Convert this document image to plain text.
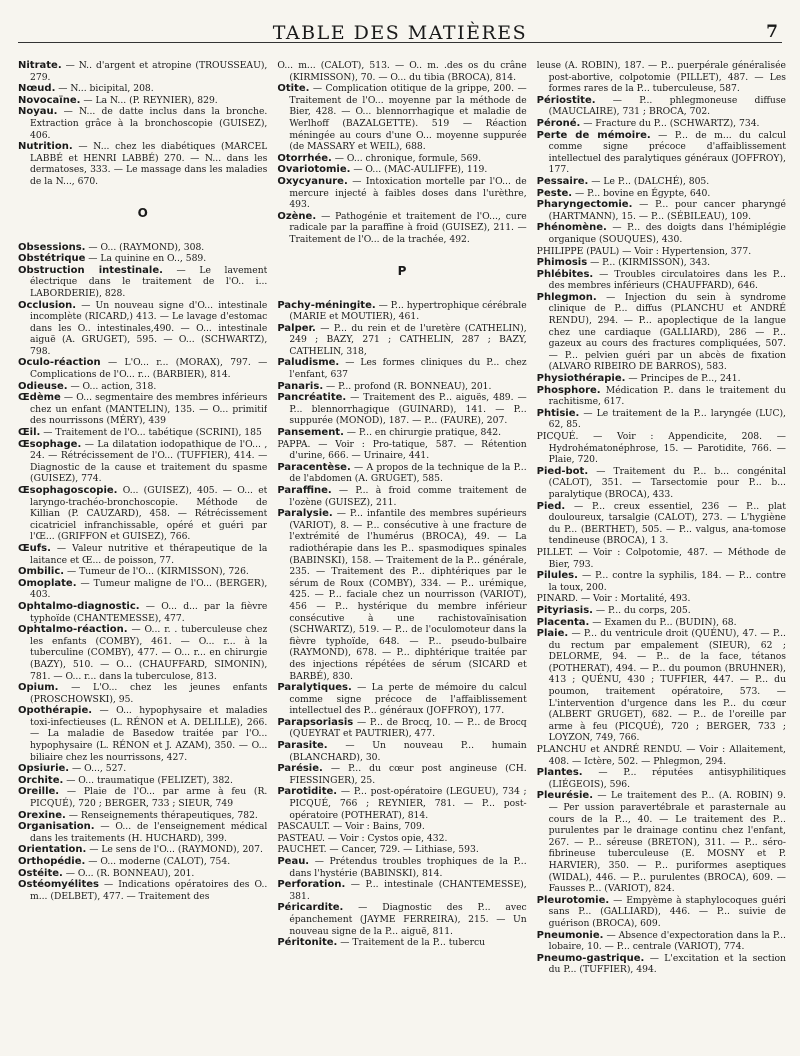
TABLE DES MATIÈRES	7

Nitrate. — N.. d'argent et atropine (TROUSSEAU), 279.

Nœud. — N... bicipital, 208.

Novocaïne. — La N... (P. REYNIER), 829.

Noyau. — N... de datte inclus dans la bronche. Extraction grâce à la bronchoscopie (GUISEZ), 406.

Nutrition. — N... chez les diabétiques (MARCEL LABBÉ et HENRI LABBÉ) 270. — N... dans les dermatoses, 333. — Le massage dans les maladies de la N..., 670.

O

Obsessions. — O... (RAYMOND), 308.

Obstétrique — La quinine en O.., 589.

Obstruction intestinale. — Le lavement électrique dans le traitement de l'O.. i... LABORDERIE), 828.

Occlusion. — Un nouveau signe d'O... intestinale incomplète (RICARD,) 413. — Le lavage d'estomac dans les O.. intestinales,490. — O... intestinale aiguë (A. GRUGET), 595. — O... (SCHWARTZ), 798.

Oculo-réaction — L'O... r... (MORAX), 797. —Complications de l'O... r... (BARBIER), 814.

Odieuse. — O... action, 318.

Œdème — O... segmentaire des membres inférieurs chez un enfant (MANTELIN), 135. — O... primitif des nourrissons (MÉRY), 439

Œil. — Traitement de l'O... tabétique (SCRINI), 185

Œsophage. — La dilatation iodopathique de l'O... , 24. — Rétrécissement de l'O... (TUFFIER), 414. — Diagnostic de la cause et traitement du spasme (GUISEZ), 774.

Œsophagoscopie. O... (GUISEZ), 405. — O... et laryngo-trachéo-bronchoscopie. Méthode de Killian (P. CAUZARD), 458. — Rétrécissement cicatriciel infranchissable, opéré et guéri par l'Œ... (GRIFFON et GUISEZ), 766.

Œufs. — Valeur nutritive et thérapeutique de la laitance et Œ... de poisson, 77.

Ombilic. — Tumeur de l'O... (KIRMISSON), 726.

Omoplate. — Tumeur maligne de l'O... (BERGER), 403.

Ophtalmo-diagnostic. — O... d... par la fièvre typhoïde (CHANTEMESSE), 477.

Ophtalmo-réaction. — O... r. . tuberculeuse chez les enfants (COMBY), 461. — O... r... à la tuberculine (COMBY), 477. — O... r... en chirurgie (BAZY), 510. — O... (CHAUFFARD, SIMONIN), 781. — O... r... dans la tuberculose, 813.

Opium. — L'O... chez les jeunes enfants (PROSCHOWSKI), 95.

Opothérapie. — O... hypophysaire et maladies toxi-infectieuses (L. RÉNON et A. DELILLE), 266. — La maladie de Basedow traitée par l'O... hypophysaire (L. RÉNON et J. AZAM), 350. — O... biliaire chez les nourrissons, 427.

Opsiurie. — O..., 527.

Orchite. — O... traumatique (FELIZET), 382.

Oreille. — Plaie de l'O... par arme à feu (R. PICQUÉ), 720 ; BERGER, 733 ; SIEUR, 749

Orexine. — Renseignements thérapeutiques, 782.

Organisation. — O... de l'enseignement médical dans les traitements (H. HUCHARD), 399.

Orientation. — Le sens de l'O... (RAYMOND), 207.

Orthopédie. — O... moderne (CALOT), 754.

Ostéite. — O... (R. BONNEAU), 201.

Ostéomyélites — Indications opératoires des O.. m... (DELBET), 477. — Traitement des

O... m... (CALOT), 513. — O.. m. .des os du crâne (KIRMISSON), 70. — O... du tibia (BROCA), 814.

Otite. — Complication otitique de la grippe, 200. — Traitement de l'O... moyenne par la méthode de Bier, 428. — O... blennorrhagique et maladie de Werlhoff (BAZALGETTE). 519 — Réaction méningée au cours d'une O... moyenne suppurée (de MASSARY et WEIL), 688.

Otorrhée. — O... chronique, formule, 569.

Ovariotomie. — O... (MAC-AULIFFE), 119.

Oxycyanure. — Intoxication mortelle par l'O... de mercure injecté à faibles doses dans l'urèthre, 493.

Ozène. — Pathogénie et traitement de l'O..., cure radicale par la paraffine à froid (GUISEZ), 211. — Traitement de l'O... de la trachée, 492.

P

Pachy-méningite. — P... hypertrophique cérébrale (MARIE et MOUTIER), 461.

Palper. — P... du rein et de l'uretère (CATHELIN), 249 ; BAZY, 271 ; CATHELIN, 287 ; BAZY, CATHELIN, 318,

Paludisme. — Les formes cliniques du P... chez l'enfant, 637

Panaris. — P... profond (R. BONNEAU), 201.

Pancréatite. — Traitement des P... aiguës, 489. — P... blennorrhagique (GUINARD), 141. — P... suppurée (MONOD), 187. — P... (FAURE), 207.

Pansement. — P... en chirurgie pratique, 842.

PAPPA. — Voir : Pro-tatique, 587. — Rétention d'urine, 666. — Urinaire, 441.

Paracentèse. — A propos de la technique de la P... de l'abdomen (A. GRUGET), 585.

Paraffine. — P... à froid comme traitement de l'ozène (GUISEZ), 211.

Paralysie. — P... infantile des membres supérieurs (VARIOT), 8. — P... consécutive à une fracture de l'extrémité de l'humérus (BROCA), 49. — La radiothérapie dans les P... spasmodiques spinales (BABINSKI), 158. — Traitement de la P... générale, 235. — Traitement des P... diphtériques par le sérum de Roux (COMBY), 334. — P... urémique, 425. — P... faciale chez un nourrisson (VARIOT), 456 — P... hystérique du membre inférieur consécutive à une rachistovaïnisation (SCHWARTZ), 519. — P... de l'oculomoteur dans la fièvre typhoïde, 648. — P... pseudo-bulbaire (RAYMOND), 678. — P... diphtérique traitée par des injections répétées de sérum (SICARD et BARBÉ), 830.

Paralytiques. — La perte de mémoire du calcul comme signe précoce de l'affaiblissement intellectuel des P... généraux (JOFFROY), 177.

Parapsoriasis — P... de Brocq, 10. — P... de Brocq (QUEYRAT et PAUTRIER), 477.

Parasite. — Un nouveau P... humain (BLANCHARD), 30.

Parésie. — P... du cœur post angineuse (CH. FIESSINGER), 25.

Parotidite. — P... post-opératoire (LEGUEU), 734 ; PICQUÉ, 766 ; REYNIER, 781. — P... post-opératoire (POTHERAT), 814.

PASCAULT. — Voir : Bains, 709.

PASTEAU. — Voir : Cystos opie, 432.

PAUCHET. — Cancer, 729. — Lithiase, 593.

Peau. — Prétendus troubles trophiques de la P... dans l'hystérie (BABINSKI), 814.

Perforation. — P... intestinale (CHANTEMESSE), 381.

Péricardite. — Diagnostic des P... avec épanchement (JAYME FERREIRA), 215. — Un nouveau signe de la P... aiguë, 811.

Péritonite. — Traitement de la P... tubercu

leuse (A. ROBIN), 187. — P... puerpérale généralisée post-abortive, colpotomie (PILLET), 487. — Les formes rares de la P... tuberculeuse, 587.

Périostite. — P... phlegmoneuse diffuse (MAUCLAIRE), 731 ; BROCA, 702.

Péroné. — Fracture du P... (SCHWARTZ), 734.

Perte de mémoire. — P... de m... du calcul comme signe précoce d'affaiblissement intellectuel des paralytiques généraux (JOFFROY), 177.

Pessaire. — Le P... (DALCHÉ), 805.

Peste. — P... bovine en Égypte, 640.

Pharyngectomie. — P... pour cancer pharyngé (HARTMANN), 15. — P... (SÉBILEAU), 109.

Phénomène. — P... des doigts dans l'hémiplégie organique (SOUQUES), 430.

PHILIPPE (PAUL) — Voir : Hypertension, 377.

Phimosis — P... (KIRMISSON), 343.

Phlébites. — Troubles circulatoires dans les P... des membres inférieurs (CHAUFFARD), 646.

Phlegmon. — Injection du sein à syndrome clinique de P... diffus (PLANCHU et ANDRÉ RENDU), 294. — P... apoplectique de la langue chez une cardiaque (GALLIARD), 286 — P... gazeux au cours des fractures compliquées, 507. — P... pelvien guéri par un abcès de fixation (ALVARO RIBEIRO DE BARROS), 583.

Physiothérapie. — Principes de P..., 241.

Phosphore. Médication P.. dans le traitement du rachitisme, 617.

Phtisie. — Le traitement de la P... laryngée (LUC), 62, 85.

PICQUÉ. — Voir : Appendicite, 208. — Hydrohématonéphrose, 15. — Parotidite, 766. — Plaie, 720.

Pied-bot. — Traitement du P... b... congénital (CALOT), 351. — Tarsectomie pour P... b... paralytique (BROCA), 433.

Pied. — P... creux essentiel, 236 — P... plat douloureux, tarsalgie (CALOT), 273. — L'hygiène du P... (BERTHET), 505. — P... valgus, ana-tomose tendineuse (BROCA), 1 3.

PILLET. — Voir : Colpotomie, 487. — Méthode de Bier, 793.

Pilules. — P... contre la syphilis, 184. — P... contre la toux, 200.

PINARD. — Voir : Mortalité, 493.

Pityriasis. — P... du corps, 205.

Placenta. — Examen du P... (BUDIN), 68.

Plaie. — P... du ventricule droit (QUÉNU), 47. — P... du rectum par empalement (SIEUR), 62 ; DELORME, 94. — P... de la face, tétanos (POTHERAT), 494. — P... du poumon (BRUHNER), 413 ; QUÉNU, 430 ; TUFFIER, 447. — P... du poumon, traitement opératoire, 573. — L'intervention d'urgence dans les P... du cœur (ALBERT GRUGET), 682. — P... de l'oreille par arme à feu (PICQUÉ), 720 ; BERGER, 733 ; LOYZON, 749, 766.

PLANCHU et ANDRÉ RENDU. — Voir : Allaitement, 408. — Ictère, 502. — Phlegmon, 294.

Plantes. — P... réputées antisyphilitiques (LIÉGEOIS), 596.

Pleurésie. — Le traitement des P... (A. ROBIN) 9. — Per ussion paravertébrale et parasternale au cours de la P..., 40. — Le traitement des P... purulentes par le drainage continu chez l'enfant, 267. — P... séreuse (BRETON), 311. — P... séro-fibrineuse tuberculeuse (E. MOSNY et P. HARVIER), 350. — P... puriformes aseptiques (WIDAL), 446. — P... purulentes (BROCA), 609. — Fausses P... (VARIOT), 824.

Pleurotomie. — Empyème à staphylocoques guéri sans P... (GALLIARD), 446. — P... suivie de guérison (BROCA), 609.

Pneumonie. — Absence d'expectoration dans la P... lobaire, 10. — P... centrale (VARIOT), 774.

Pneumo-gastrique. — L'excitation et la section du P... (TUFFIER), 494.
